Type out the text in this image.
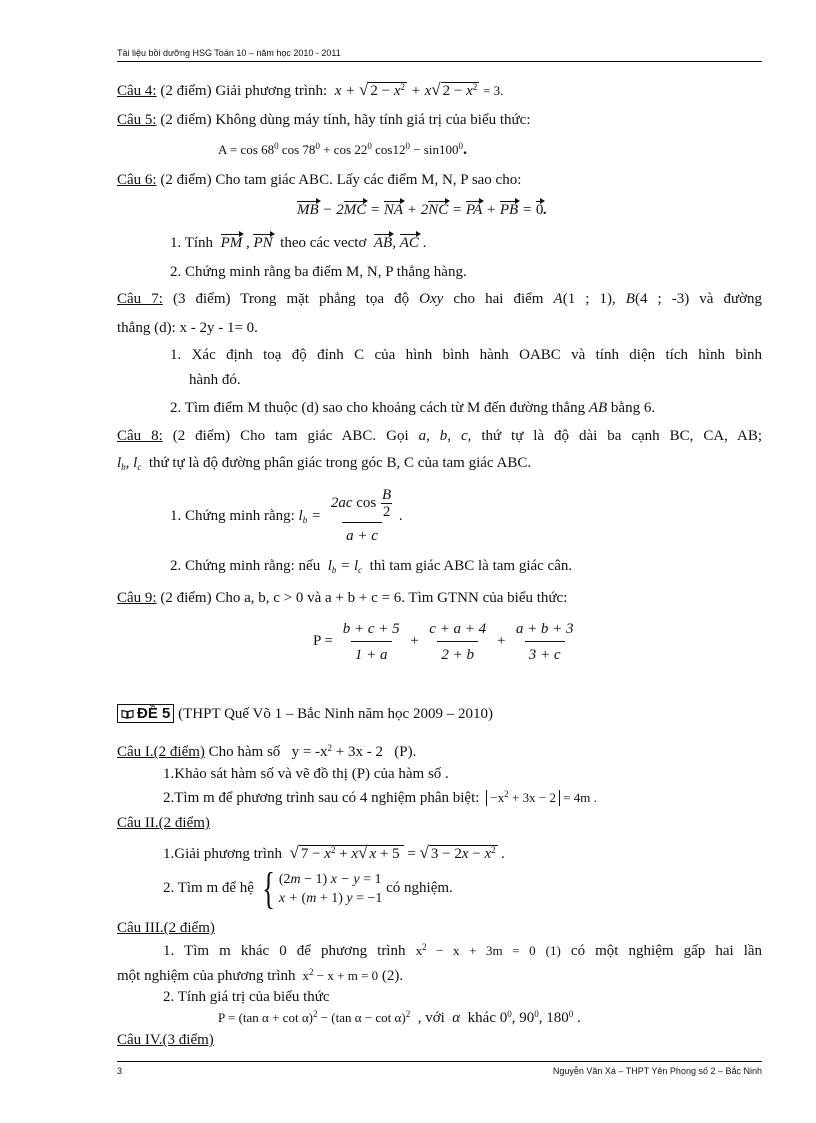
Tài liệu bồi dưỡng HSG Toán 10 – năm học 2010 - 2011
Câu 4: (2 điểm) Giải phương trình:  x + √ $2 - x^2 + x√$ $2 - x^2 = 3$.
Câu 5: (2 điểm) Không dùng máy tính, hãy tính giá trị của biểu thức:
$A = \cos 68^0$ $\cos 78^0 + \cos 22^0$ $\cos 12^0 - \sin 100^0$.
Câu 6: (2 điểm) Cho tam giác ABC. Lấy các điểm M, N, P sao cho:
MB − 2MC = NA + 2NC = PA + PB = 0.
1. Tính PM , PN theo các vectơ AB, AC .
2. Chứng minh rằng ba điểm M, N, P thẳng hàng.
Câu 7: (3 điểm) Trong mặt phẳng tọa độ Oxy cho hai điểm A(1 ; 1), B(4 ; -3) và đường
thẳng (d): x - 2y - 1= 0.
1. Xác định toạ độ đỉnh C của hình bình hành OABC và tính diện tích hình bình
hành đó.
2. Tìm điểm M thuộc (d) sao cho khoảng cách từ M đến đường thẳng AB bằng 6.
Câu 8: (2 điểm) Cho tam giác ABC. Gọi a, b, c, thứ tự là độ dài ba cạnh BC, CA, AB;
$l_b$, $l_c$ thứ tự là độ đường phân giác trong góc B, C của tam giác ABC.
1. Chứng minh rằng: $l_b = \frac{2ac \cos \frac{B}{2}}{a + c}$ .
2. Chứng minh rằng: nếu  $l_b = l_c$ thì tam giác ABC là tam giác cân.
Câu 9: (2 điểm) Cho a, b, c > 0 và a + b + c = 6. Tìm GTNN của biểu thức:
$P = \frac{b + c + 5}{1 + a} + \frac{c + a + 4}{2 + b} + \frac{a + b + 3}{3 + c}$
ĐỀ 5 (THPT Quế Võ 1 – Bắc Ninh năm học 2009 – 2010)
Câu I.(2 điểm) Cho hàm số $y = -x^2 + 3x - 2$ (P).
1.Khảo sát hàm số và vẽ đồ thị (P) của hàm số .
2.Tìm m để phương trình sau có 4 nghiệm phân biệt: $-x^2 + 3x - 2 = 4m$ .
Câu II.(2 điểm)
1.Giải phương trình √ $7 - x^2 + x√$ x + 5 = √ $3 - 2x - x^2$ .
2. Tìm m để hệ { (2m − 1) x − y = 1
x + (m + 1) y = −1
có nghiệm.
Câu III.(2 điểm)
1. Tìm m khác 0 để phương trình $x^2 - x + 3m = 0$ (1) có một nghiệm gấp hai lần
một nghiệm của phương trình  $x^2 - x + m = 0$ (2).
2. Tính giá trị của biểu thức
P = (tan α + cot α)$^2$ − (tan α − cot α)$^2$ , với  α  khác $0^0$, $90^0$, $180^0$ .
Câu IV.(3 điểm)
3	Nguyễn Văn Xá – THPT Yên Phong số 2 – Bắc Ninh
